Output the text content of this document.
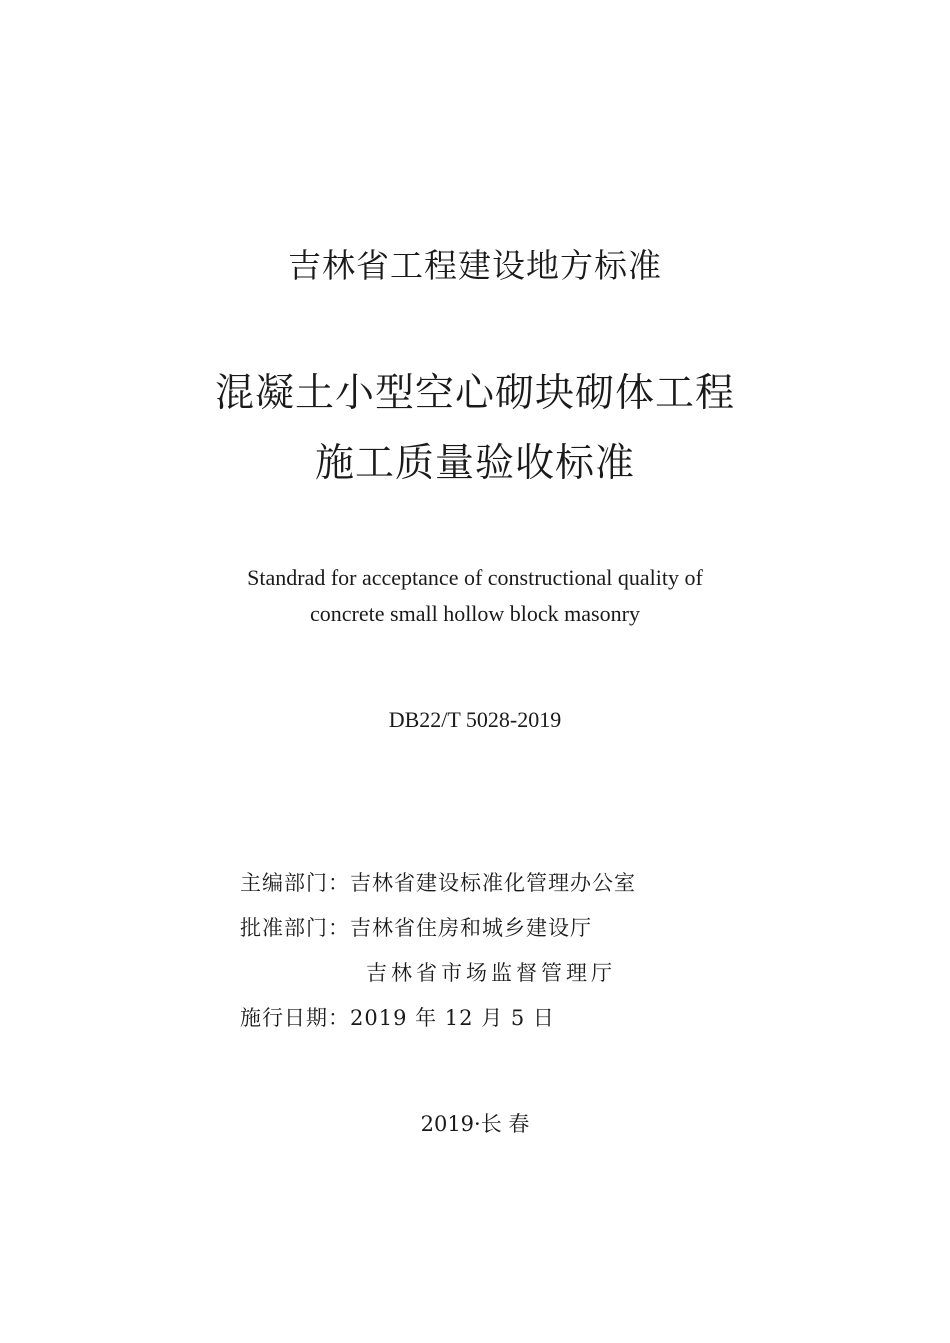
吉林省工程建设地方标准
混凝土小型空心砌块砌体工程
施工质量验收标准
Standrad for acceptance of constructional quality of
concrete small hollow block masonry
DB22/T 5028-2019
主编部门：吉林省建设标准化管理办公室
批准部门：吉林省住房和城乡建设厅
吉林省市场监督管理厅
施行日期：2019 年 12 月 5 日
2019·长 春
